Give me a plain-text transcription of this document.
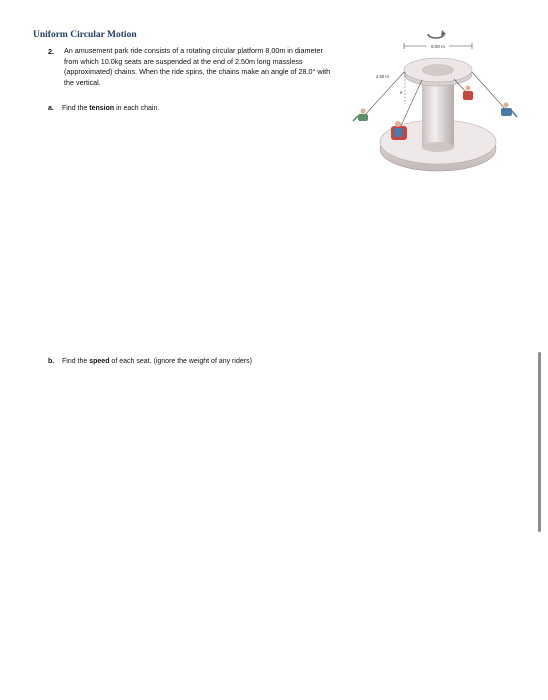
Uniform Circular Motion
2. An amusement park ride consists of a rotating circular platform 8.00m in diameter from which 10.0kg seats are suspended at the end of 2.50m long massless (approximated) chains. When the ride spins, the chains make an angle of 28.0° with the vertical.
a. Find the tension in each chain.
b. Find the speed of each seat. (ignore the weight of any riders)
8.00 m
2.50 m
θ
